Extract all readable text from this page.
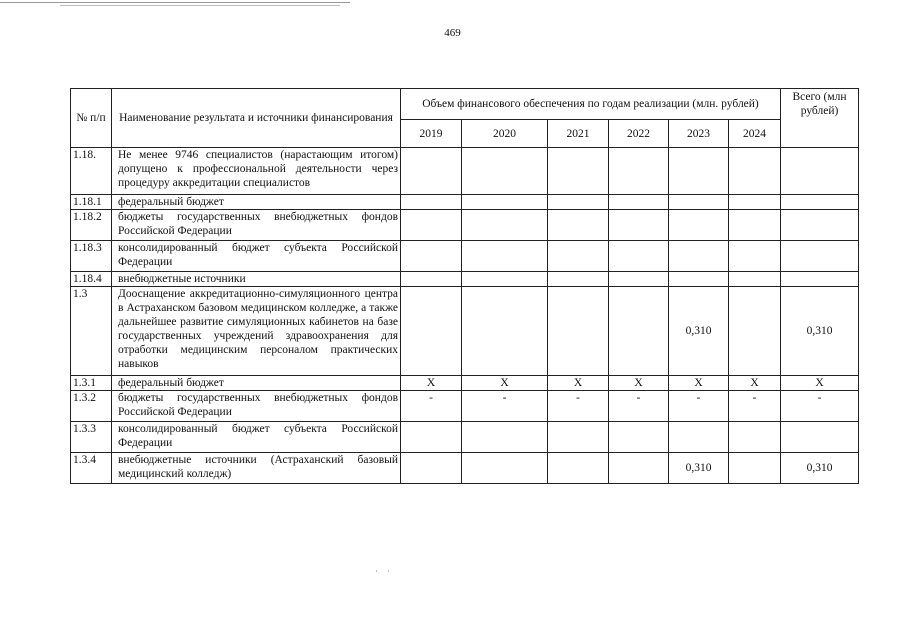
469
№ п/п	Наименование результата и источники финансирования	Объем финансового обеспечения по годам реализации (млн. рублей)						Всего (млн рублей)
		2019	2020	2021	2022	2023	2024	
1.18.	Не менее 9746 специалистов (нарастающим итогом) допущено к профессиональной деятельности через процедуру аккредитации специалистов							
1.18.1	федеральный бюджет							
1.18.2	бюджеты государственных внебюджетных фондов Российской Федерации							
1.18.3	консолидированный бюджет субъекта Российской Федерации							
1.18.4	внебюджетные источники							
1.3	Дооснащение аккредитационно-симуляционного центра в Астраханском базовом медицинском колледже, а также дальнейшее развитие симуляционных кабинетов на базе государственных учреждений здравоохранения для отработки медицинским персоналом практических навыков					0,310		0,310
1.3.1	федеральный бюджет	X	X	X	X	X	X	X
1.3.2	бюджеты государственных внебюджетных фондов Российской Федерации	-	-	-	-	-	-	-
1.3.3	консолидированный бюджет субъекта Российской Федерации							
1.3.4	внебюджетные источники (Астраханский базовый медицинский колледж)					0,310		0,310
·    ·
